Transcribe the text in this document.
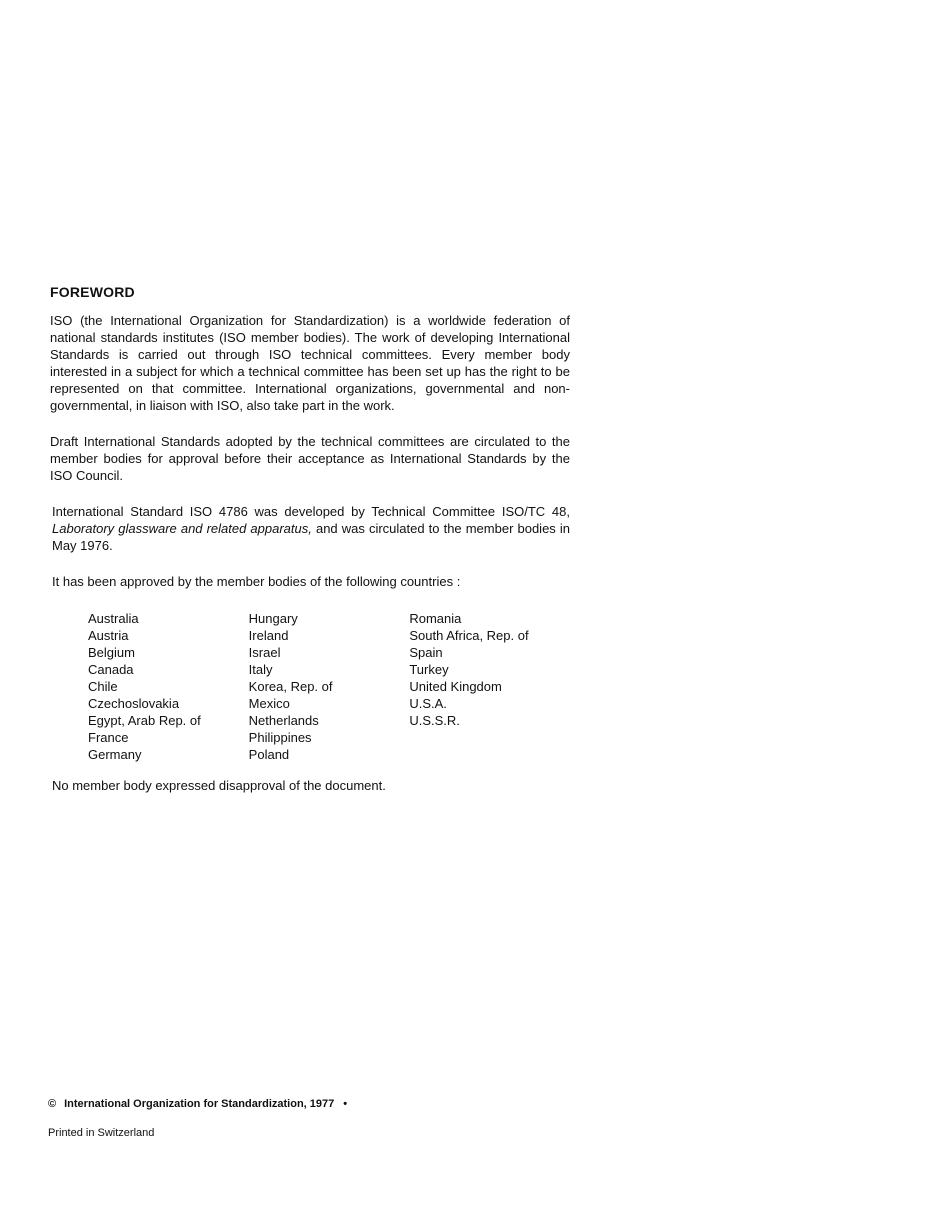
FOREWORD

ISO (the International Organization for Standardization) is a worldwide federation of national standards institutes (ISO member bodies). The work of developing International Standards is carried out through ISO technical committees. Every member body interested in a subject for which a technical committee has been set up has the right to be represented on that committee. International organizations, governmental and non-governmental, in liaison with ISO, also take part in the work.

Draft International Standards adopted by the technical committees are circulated to the member bodies for approval before their acceptance as International Standards by the ISO Council.

International Standard ISO 4786 was developed by Technical Committee ISO/TC 48, Laboratory glassware and related apparatus, and was circulated to the member bodies in May 1976.

It has been approved by the member bodies of the following countries :

Australia
Austria
Belgium
Canada
Chile
Czechoslovakia
Egypt, Arab Rep. of
France
Germany
Hungary
Ireland
Israel
Italy
Korea, Rep. of
Mexico
Netherlands
Philippines
Poland
Romania
South Africa, Rep. of
Spain
Turkey
United Kingdom
U.S.A.
U.S.S.R.

No member body expressed disapproval of the document.

© International Organization for Standardization, 1977 •
Printed in Switzerland
